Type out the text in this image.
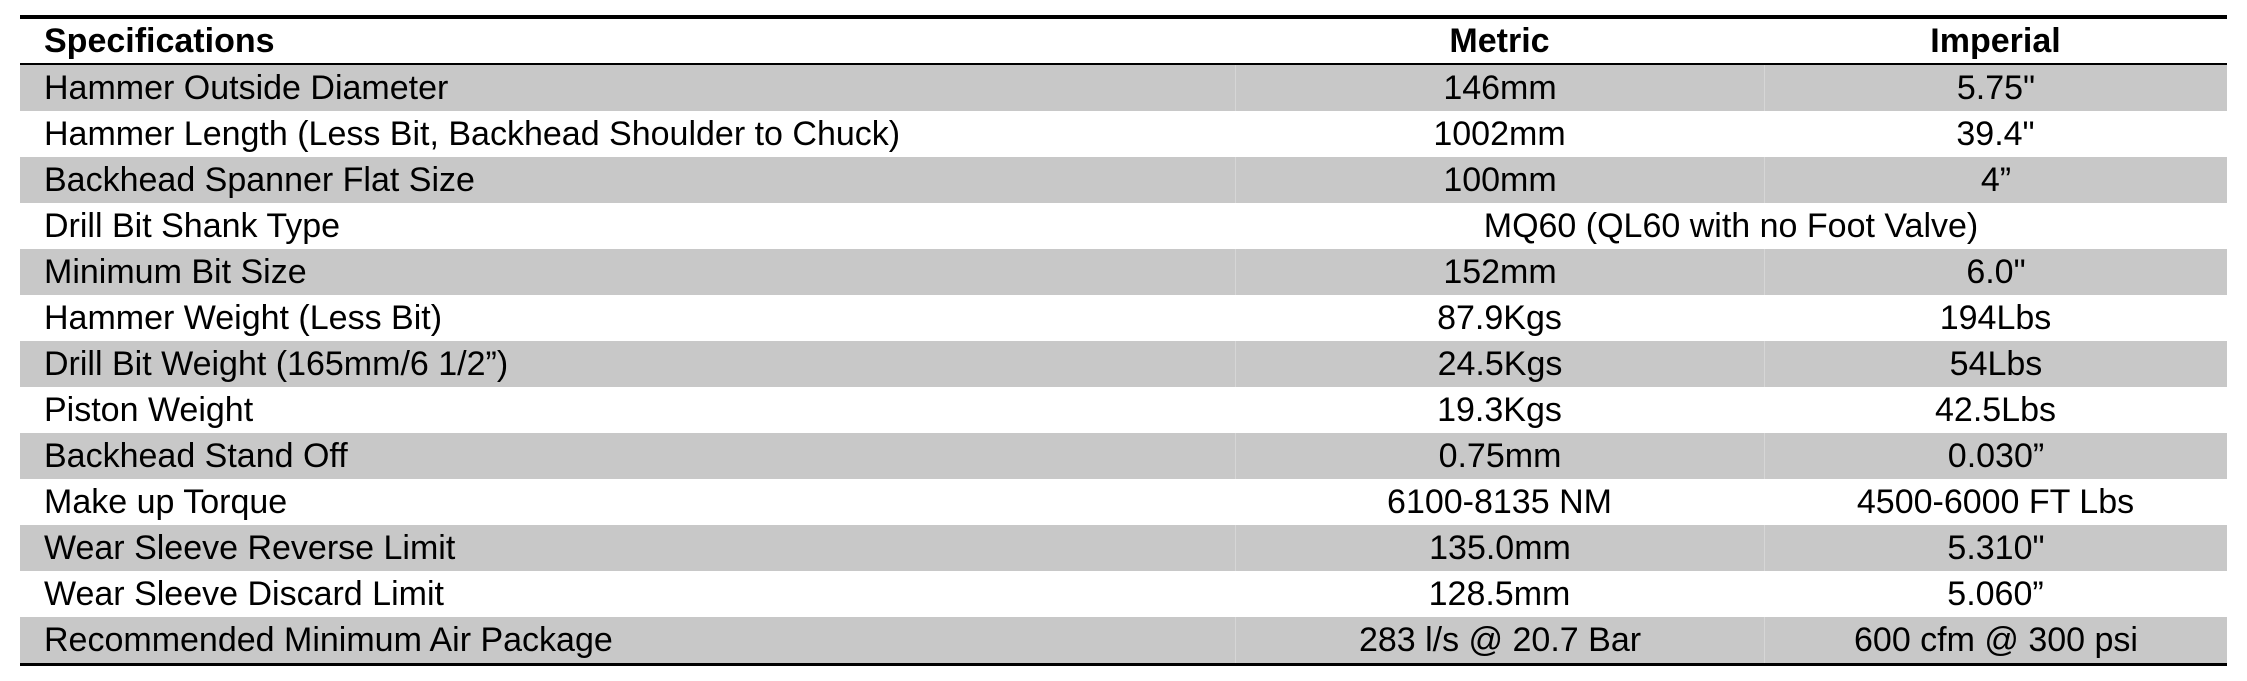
Specifications	Metric	Imperial
Hammer Outside Diameter	146mm	5.75"
Hammer Length (Less Bit, Backhead Shoulder to Chuck)	1002mm	39.4"
Backhead Spanner Flat Size	100mm	4”
Drill Bit Shank Type	MQ60 (QL60 with no Foot Valve)
Minimum Bit Size	152mm	6.0"
Hammer Weight (Less Bit)	87.9Kgs	194Lbs
Drill Bit Weight (165mm/6 1/2”)	24.5Kgs	54Lbs
Piston Weight	19.3Kgs	42.5Lbs
Backhead Stand Off	0.75mm	0.030”
Make up Torque	6100-8135 NM	4500-6000 FT Lbs
Wear Sleeve Reverse Limit	135.0mm	5.310"
Wear Sleeve Discard Limit	128.5mm	5.060”
Recommended Minimum Air Package	283 l/s @ 20.7 Bar	600 cfm @ 300 psi
